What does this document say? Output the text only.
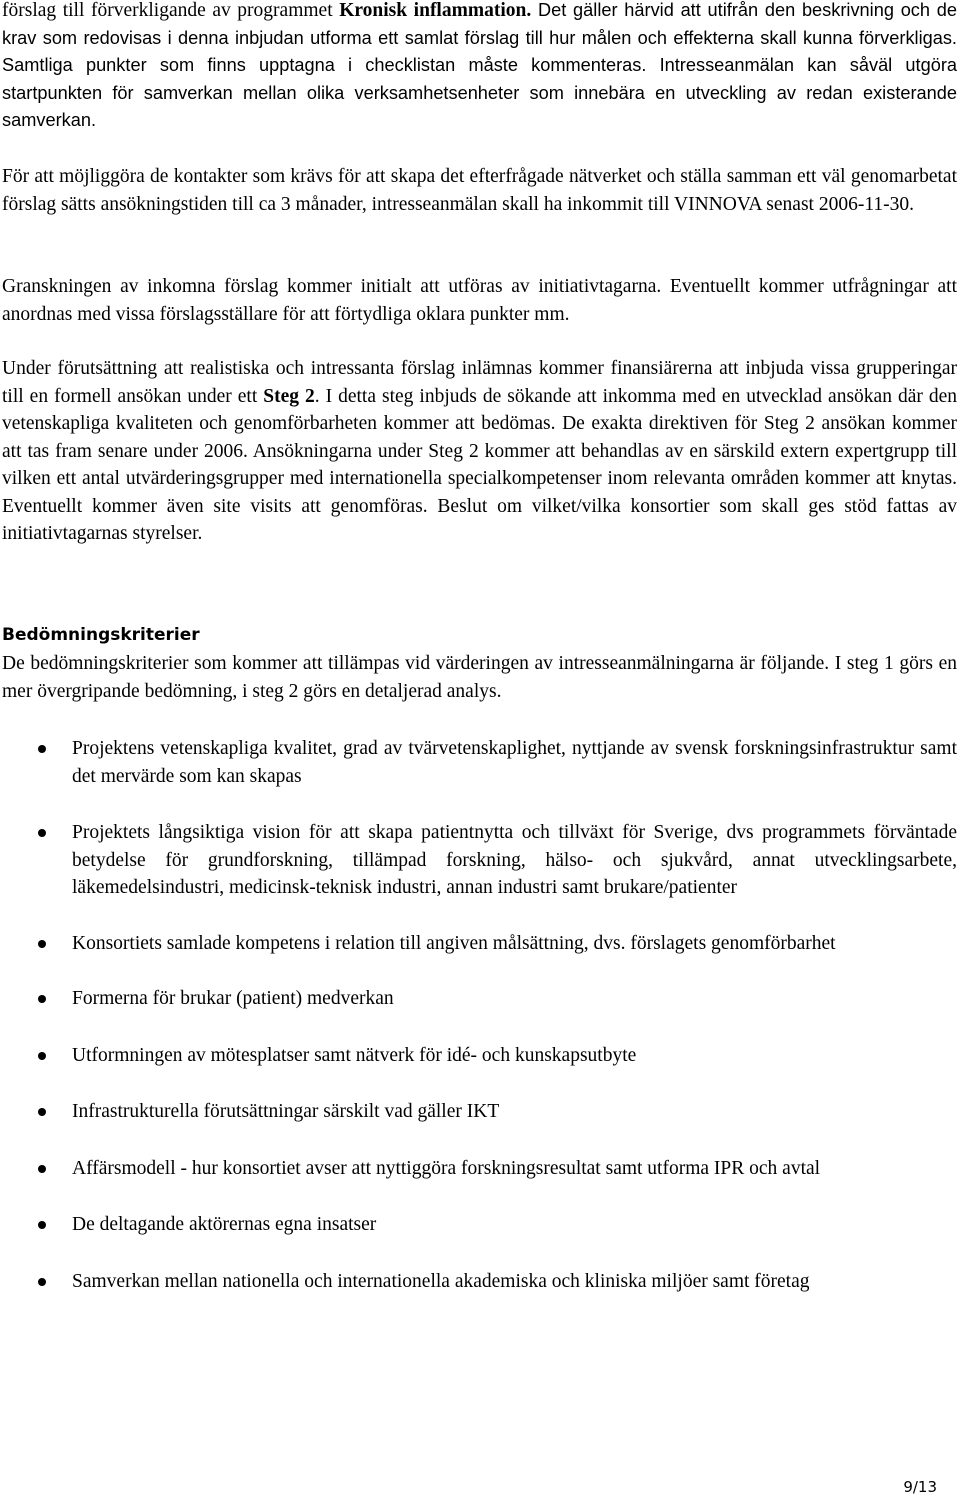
förslag till förverkligande av programmet Kronisk inflammation. Det gäller härvid att utifrån den beskrivning och de krav som redovisas i denna inbjudan utforma ett samlat förslag till hur målen och effekterna skall kunna förverkligas. Samtliga punkter som finns upptagna i checklistan måste kommenteras. Intresseanmälan kan såväl utgöra startpunkten för samverkan mellan olika verksamhetsenheter som innebära en utveckling av redan existerande samverkan.

För att möjliggöra de kontakter som krävs för att skapa det efterfrågade nätverket och ställa samman ett väl genomarbetat förslag sätts ansökningstiden till ca 3 månader, intresseanmälan skall ha inkommit till VINNOVA senast 2006-11-30.

Granskningen av inkomna förslag kommer initialt att utföras av initiativtagarna. Eventuellt kommer utfrågningar att anordnas med vissa förslagsställare för att förtydliga oklara punkter mm.

Under förutsättning att realistiska och intressanta förslag inlämnas kommer finansiärerna att inbjuda vissa grupperingar till en formell ansökan under ett Steg 2. I detta steg inbjuds de sökande att inkomma med en utvecklad ansökan där den vetenskapliga kvaliteten och genomförbarheten kommer att bedömas. De exakta direktiven för Steg 2 ansökan kommer att tas fram senare under 2006. Ansökningarna under Steg 2 kommer att behandlas av en särskild extern expertgrupp till vilken ett antal utvärderingsgrupper med internationella specialkompetenser inom relevanta områden kommer att knytas. Eventuellt kommer även site visits att genomföras. Beslut om vilket/vilka konsortier som skall ges stöd fattas av initiativtagarnas styrelser.

Bedömningskriterier

De bedömningskriterier som kommer att tillämpas vid värderingen av intresseanmälningarna är följande. I steg 1 görs en mer övergripande bedömning, i steg 2 görs en detaljerad analys.

Projektens vetenskapliga kvalitet, grad av tvärvetenskaplighet, nyttjande av svensk forskningsinfrastruktur samt det mervärde som kan skapas
Projektets långsiktiga vision för att skapa patientnytta och tillväxt för Sverige, dvs programmets förväntade betydelse för grundforskning, tillämpad forskning, hälso- och sjukvård, annat utvecklingsarbete, läkemedelsindustri, medicinsk-teknisk industri, annan industri samt brukare/patienter
Konsortiets samlade kompetens i relation till angiven målsättning, dvs. förslagets genomförbarhet
Formerna för brukar (patient) medverkan
Utformningen av mötesplatser samt nätverk för idé- och kunskapsutbyte
Infrastrukturella förutsättningar särskilt vad gäller IKT
Affärsmodell - hur konsortiet avser att nyttiggöra forskningsresultat samt utforma IPR och avtal
De deltagande aktörernas egna insatser
Samverkan mellan nationella och internationella akademiska och kliniska miljöer samt företag
9/13
